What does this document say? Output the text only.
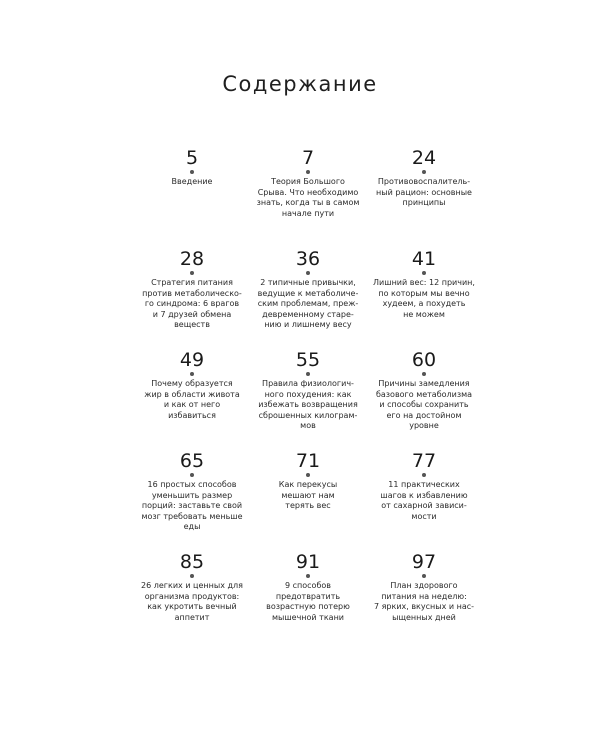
Содержание
5
Введение
7
Теория Большого
Срыва. Что необходимо
знать, когда ты в самом
начале пути
24
Противовоспалитель-
ный рацион: основные
принципы
28
Стратегия питания
против метаболическо-
го синдрома: 6 врагов
и 7 друзей обмена
веществ
36
2 типичные привычки,
ведущие к метаболиче-
ским проблемам, преж-
девременному старе-
нию и лишнему весу
41
Лишний вес: 12 причин,
по которым мы вечно
худеем, а похудеть
не можем
49
Почему образуется
жир в области живота
и как от него
избавиться
55
Правила физиологич-
ного похудения: как
избежать возвращения
сброшенных килограм-
мов
60
Причины замедления
базового метаболизма
и способы сохранить
его на достойном
уровне
65
16 простых способов
уменьшить размер
порций: заставьте свой
мозг требовать меньше
еды
71
Как перекусы
мешают нам
терять вес
77
11 практических
шагов к избавлению
от сахарной зависи-
мости
85
26 легких и ценных для
организма продуктов:
как укротить вечный
аппетит
91
9 способов
предотвратить
возрастную потерю
мышечной ткани
97
План здорового
питания на неделю:
7 ярких, вкусных и нас-
ыщенных дней
